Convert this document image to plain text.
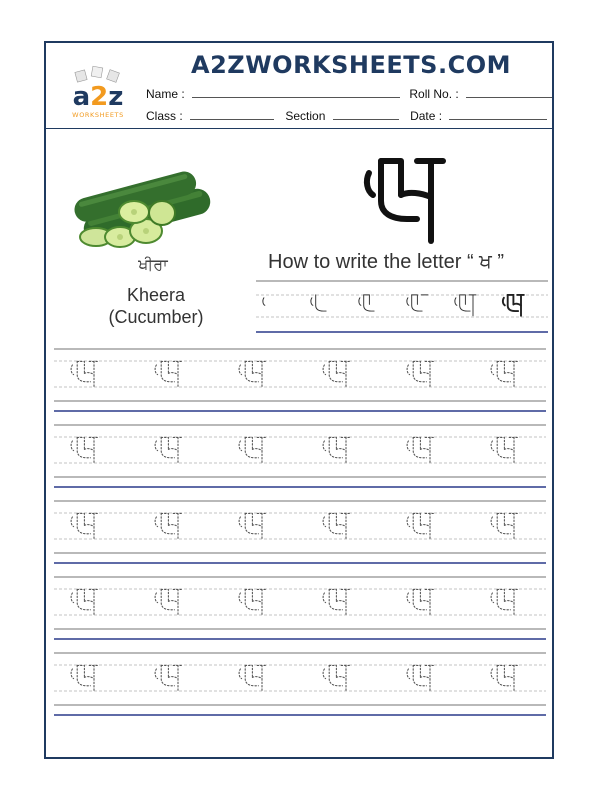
a2z
WORKSHEETS
A2ZWORKSHEETS.COM
Name :	Roll No. :
Class :	Section	Date :
ਖੀਰਾ
Kheera
(Cucumber)
How to write the letter “ ਖ ”
